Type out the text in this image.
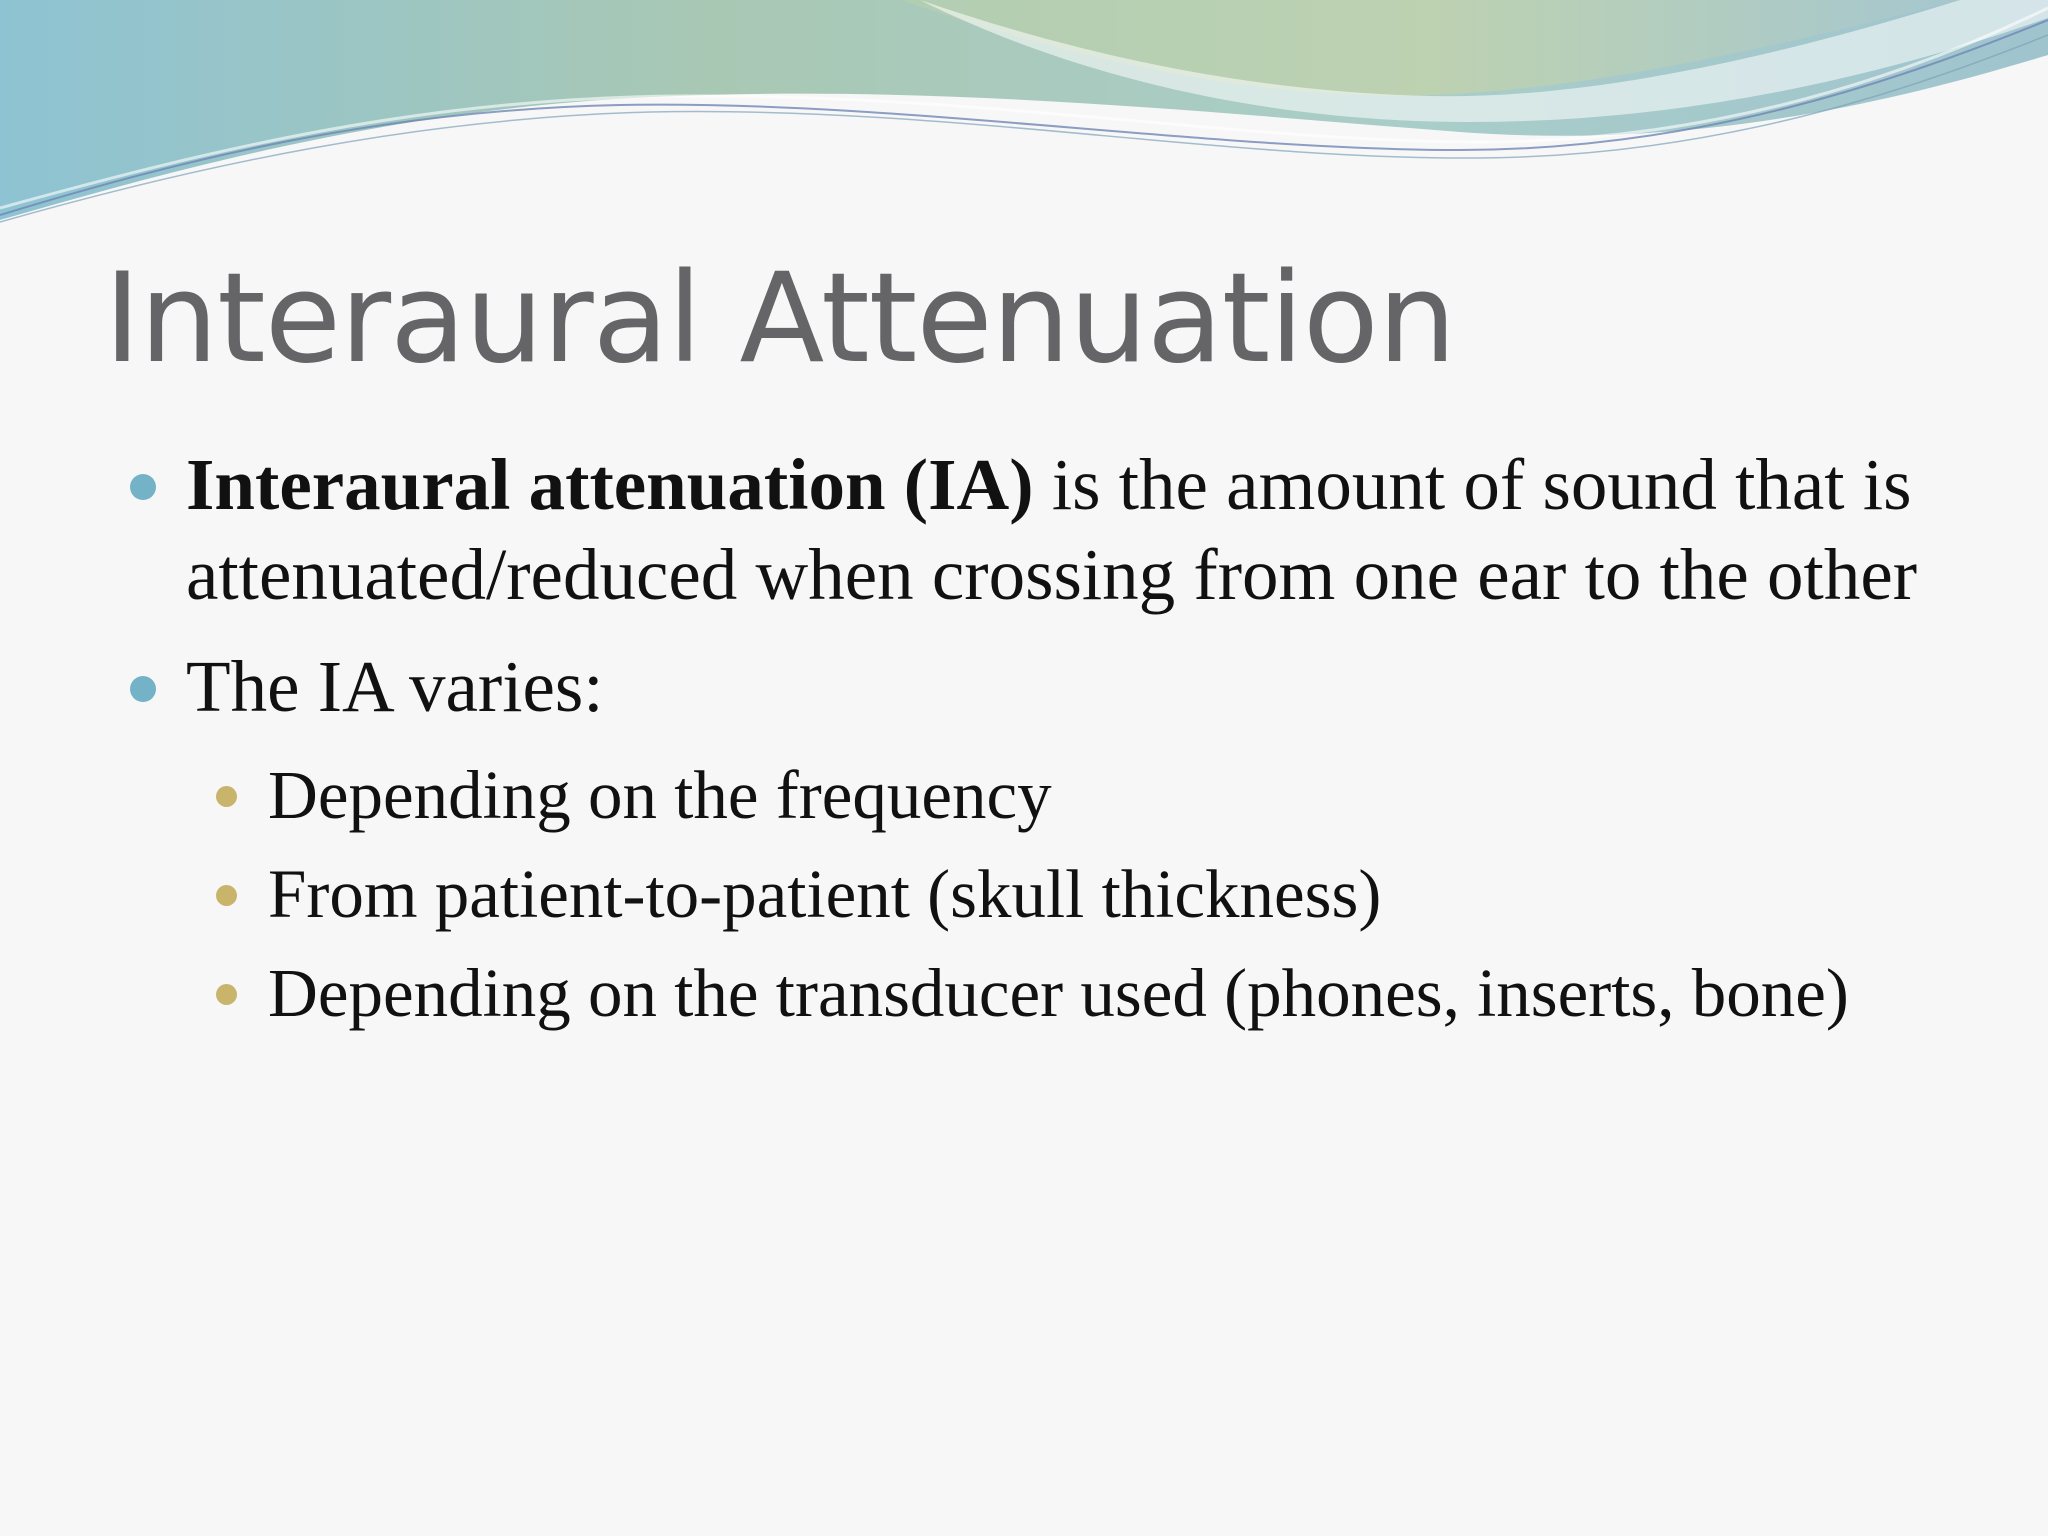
Interaural Attenuation
Interaural attenuation (IA) is the amount of sound that is attenuated/reduced when crossing from one ear to the other
The IA varies:
Depending on the frequency
From patient-to-patient (skull thickness)
Depending on the transducer used (phones, inserts, bone)
